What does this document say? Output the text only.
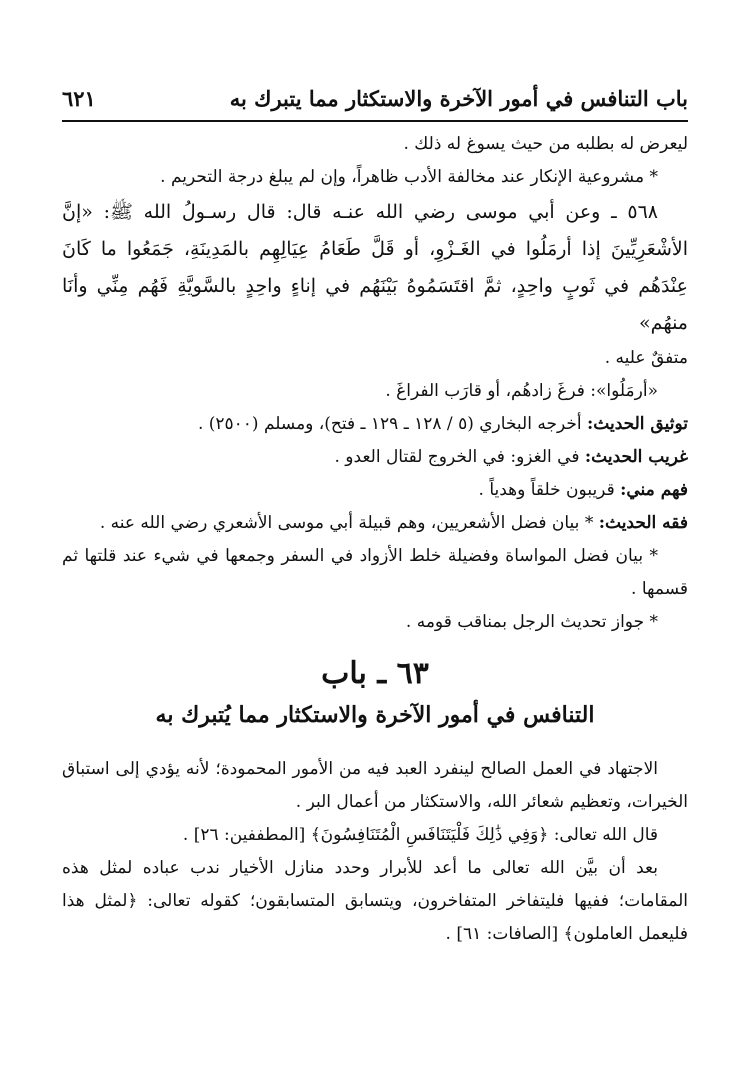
باب التنافس في أمور الآخرة والاستكثار مما يتبرك به
٦٢١

ليعرض له بطلبه من حيث يسوغ له ذلك .

* مشروعية الإنكار عند مخالفة الأدب ظاهراً، وإن لم يبلغ درجة التحريم .

٥٦٨ ـ وعن أبي موسى رضي الله عنـه قال: قال رسـولُ الله ﷺ: «إنَّ الأشْعَرِيِّينَ إذا أرمَلُوا في الغَـزْوِ، أو قَلَّ طَعَامُ عِيَالِهِم بالمَدِينَةِ، جَمَعُوا ما كَانَ عِنْدَهُم في ثَوبٍ واحِدٍ، ثمَّ اقتَسَمُوهُ بَيْنَهُم في إناءٍ واحِدٍ بالسَّويَّةِ فَهُم مِنِّي وأنَا منهُم»

متفقٌ عليه .

«أرمَلُوا»: فرغَ زادهُم، أو قارَب الفراغَ .

توثيق الحديث: أخرجه البخاري (٥ / ١٢٨ ـ ١٢٩ ـ فتح)، ومسلم (٢٥٠٠) .

غريب الحديث: في الغزو: في الخروج لقتال العدو .

فهم مني: قريبون خلقاً وهدياً .

فقه الحديث: * بيان فضل الأشعريين، وهم قبيلة أبي موسى الأشعري رضي الله عنه .

* بيان فضل المواساة وفضيلة خلط الأزواد في السفر وجمعها في شيء عند قلتها ثم قسمها .

* جواز تحديث الرجل بمناقب قومه .

٦٣ ـ باب
التنافس في أمور الآخرة والاستكثار مما يُتبرك به

الاجتهاد في العمل الصالح لينفرد العبد فيه من الأمور المحمودة؛ لأنه يؤدي إلى استباق الخيرات، وتعظيم شعائر الله، والاستكثار من أعمال البر .

قال الله تعالى: ﴿وَفِي ذَٰلِكَ فَلْيَتَنَافَسِ الْمُتَنَافِسُونَ﴾ [المطففين: ٢٦] .

بعد أن بيَّن الله تعالى ما أعد للأبرار وحدد منازل الأخيار ندب عباده لمثل هذه المقامات؛ ففيها فليتفاخر المتفاخرون، ويتسابق المتسابقون؛ كقوله تعالى: ﴿لمثل هذا فليعمل العاملون﴾ [الصافات: ٦١] .
